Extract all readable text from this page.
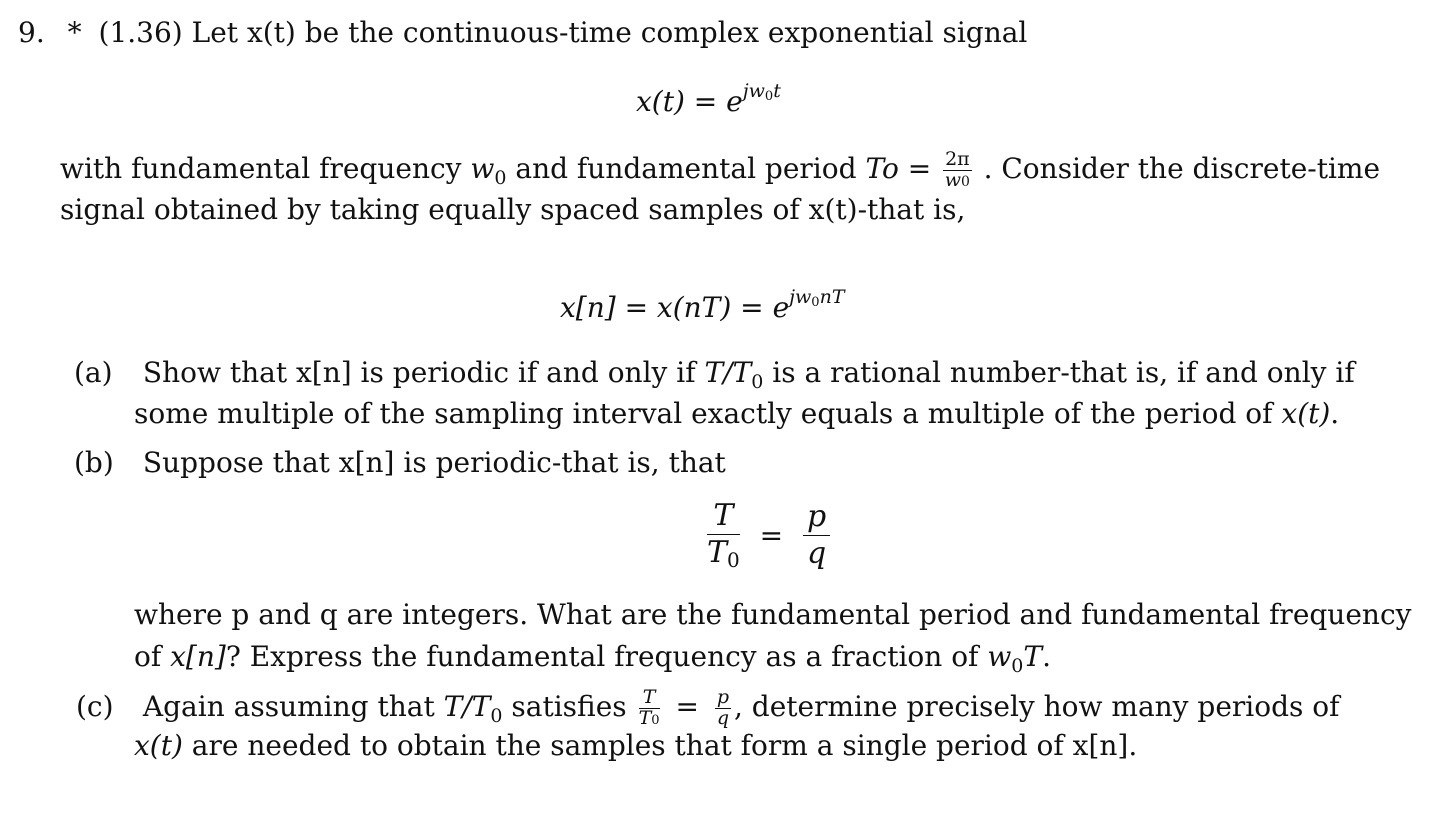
9. * (1.36) Let x(t) be the continuous-time complex exponential signal
$x(t) = e^{jw0t}$
with fundamental frequency $w_0$ and fundamental period $To = \frac{2\pi}{w0}$ . Consider the discrete-time
signal obtained by taking equally spaced samples of x(t)-that is,
$x[n] = x(nT) = e^{jw0nT}$
(a) Show that x[n] is periodic if and only if $T/T_0$ is a rational number-that is, if and only if
some multiple of the sampling interval exactly equals a multiple of the period of x(t).
(b) Suppose that x[n] is periodic-that is, that
$\frac{T}{T0} = \frac{p}{q}$
where p and q are integers. What are the fundamental period and fundamental frequency
of x[n]? Express the fundamental frequency as a fraction of $w_0T$.
(c) Again assuming that $T/T_0$ satisfies $\frac{T}{T0} = \frac{p}{q}$ , determine precisely how many periods of
x(t) are needed to obtain the samples that form a single period of x[n].
